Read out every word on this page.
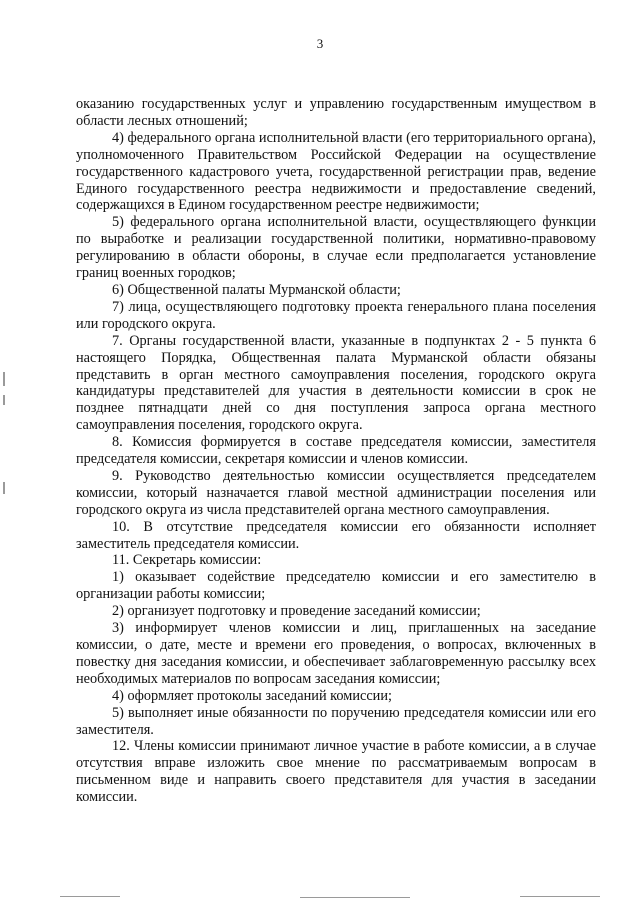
3

оказанию государственных услуг и управлению государственным имуществом в области лесных отношений;

4) федерального органа исполнительной власти (его территориального органа), уполномоченного Правительством Российской Федерации на осуществление государственного кадастрового учета, государственной регистрации прав, ведение Единого государственного реестра недвижимости и предоставление сведений, содержащихся в Едином государственном реестре недвижимости;

5) федерального органа исполнительной власти, осуществляющего функции по выработке и реализации государственной политики, нормативно-правовому регулированию в области обороны, в случае если предполагается установление границ военных городков;

6) Общественной палаты Мурманской области;

7) лица, осуществляющего подготовку проекта генерального плана поселения или городского округа.

7. Органы государственной власти, указанные в подпунктах 2 - 5 пункта 6 настоящего Порядка, Общественная палата Мурманской области обязаны представить в орган местного самоуправления поселения, городского округа кандидатуры представителей для участия в деятельности комиссии в срок не позднее пятнадцати дней со дня поступления запроса органа местного самоуправления поселения, городского округа.

8. Комиссия формируется в составе председателя комиссии, заместителя председателя комиссии, секретаря комиссии и членов комиссии.

9. Руководство деятельностью комиссии осуществляется председателем комиссии, который назначается главой местной администрации поселения или городского округа из числа представителей органа местного самоуправления.

10. В отсутствие председателя комиссии его обязанности исполняет заместитель председателя комиссии.

11. Секретарь комиссии:

1) оказывает содействие председателю комиссии и его заместителю в организации работы комиссии;

2) организует подготовку и проведение заседаний комиссии;

3) информирует членов комиссии и лиц, приглашенных на заседание комиссии, о дате, месте и времени его проведения, о вопросах, включенных в повестку дня заседания комиссии, и обеспечивает заблаговременную рассылку всех необходимых материалов по вопросам заседания комиссии;

4) оформляет протоколы заседаний комиссии;

5) выполняет иные обязанности по поручению председателя комиссии или его заместителя.

12. Члены комиссии принимают личное участие в работе комиссии, а в случае отсутствия вправе изложить свое мнение по рассматриваемым вопросам в письменном виде и направить своего представителя для участия в заседании комиссии.
